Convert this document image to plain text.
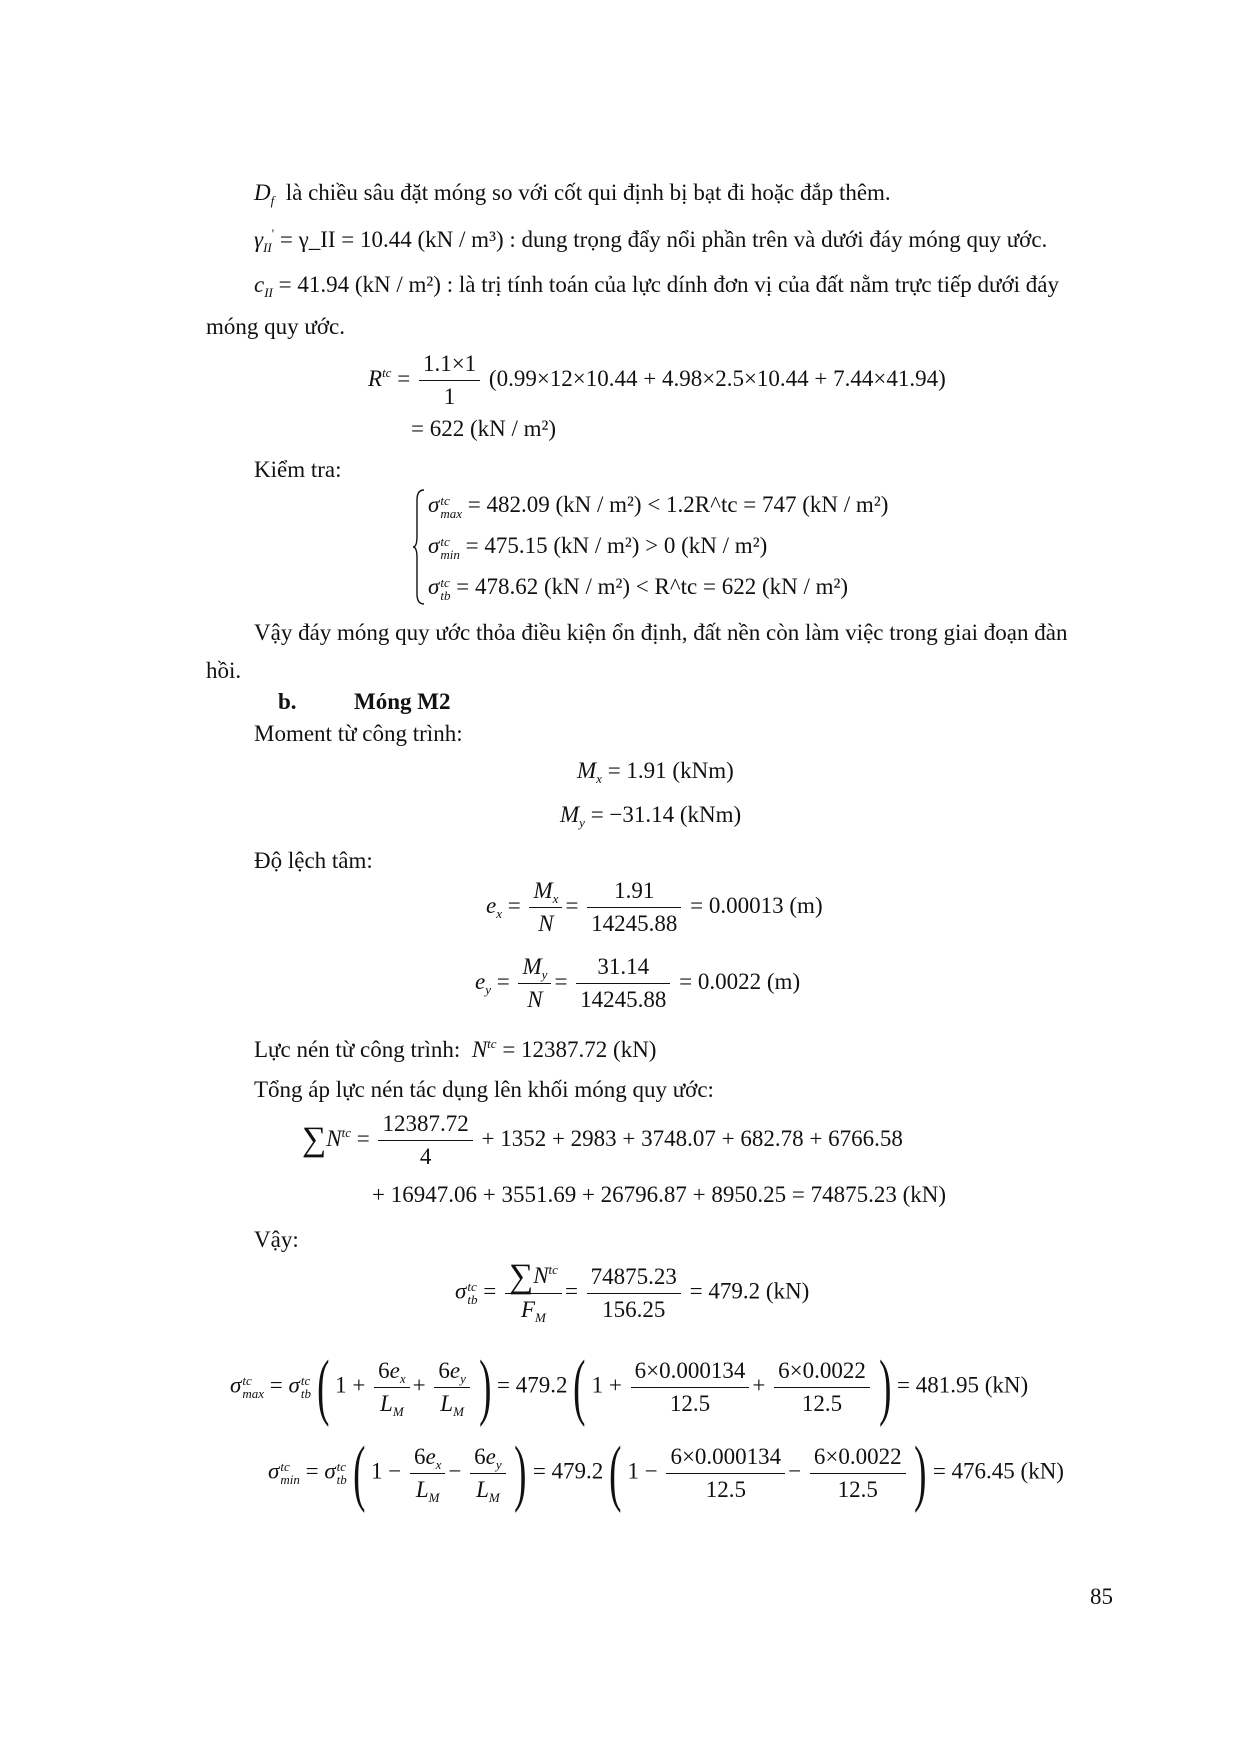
$D_f$ là chiều sâu đặt móng so với cốt qui định bị bạt đi hoặc đắp thêm.
$\gamma_{II}'$ = γ_II = 10.44 (kN / m³) : dung trọng đẩy nổi phần trên và dưới đáy móng quy ước.
$c_{II} = 41.94$ (kN / m²) : là trị tính toán của lực dính đơn vị của đất nằm trực tiếp dưới đáy
móng quy ước.
$R^{tc} = \frac{1.1\times 1}{1} (0.99\times 12\times 10.44 + 4.98\times 2.5\times 10.44 + 7.44\times 41.94)$
= 622 (kN / m²)
Kiểm tra:
σ tc
max = 482.09 (kN / m²) < 1.2R^tc = 747 (kN / m²)
σ tc
min = 475.15 (kN / m²) > 0 (kN / m²)
σ tc
tb = 478.62 (kN / m²) < R^tc = 622 (kN / m²)
Vậy đáy móng quy ước thỏa điều kiện ổn định, đất nền còn làm việc trong giai đoạn đàn
hồi.
b. Móng M2
Moment từ công trình:
$M_x = 1.91$ (kNm)
$M_y = -31.14$ (kNm)
Độ lệch tâm:
$e_x = \frac{M_x}{N} = \frac{1.91}{14245.88} = 0.00013$ (m)
$e_y = \frac{M_y}{N} = \frac{31.14}{14245.88} = 0.0022$ (m)
Lực nén từ công trình: $N^{tc} = 12387.72$ (kN)
Tổng áp lực nén tác dụng lên khối móng quy ước:
$\sum N^{tc} = \frac{12387.72}{4} + 1352 + 2983 + 3748.07 + 682.78 + 6766.58$
+ 16947.06 + 3551.69 + 26796.87 + 8950.25 = 74875.23 (kN)
Vậy:
σ tc
tb = $\frac{\sum N^{tc}}{F_M} = \frac{74875.23}{156.25} = 479.2$ (kN)
σ tc
max = σ tc
tb ( $1 + \frac{6e_x}{L_M} + \frac{6e_y}{L_M}$ ) = 479.2 ( $1 + \frac{6\times 0.000134}{12.5} + \frac{6\times 0.0022}{12.5}$ ) = 481.95 (kN)
σ tc
min = σ tc
tb ( $1 - \frac{6e_x}{L_M} - \frac{6e_y}{L_M}$ ) = 479.2 ( $1 - \frac{6\times 0.000134}{12.5} - \frac{6\times 0.0022}{12.5}$ ) = 476.45 (kN)
85
